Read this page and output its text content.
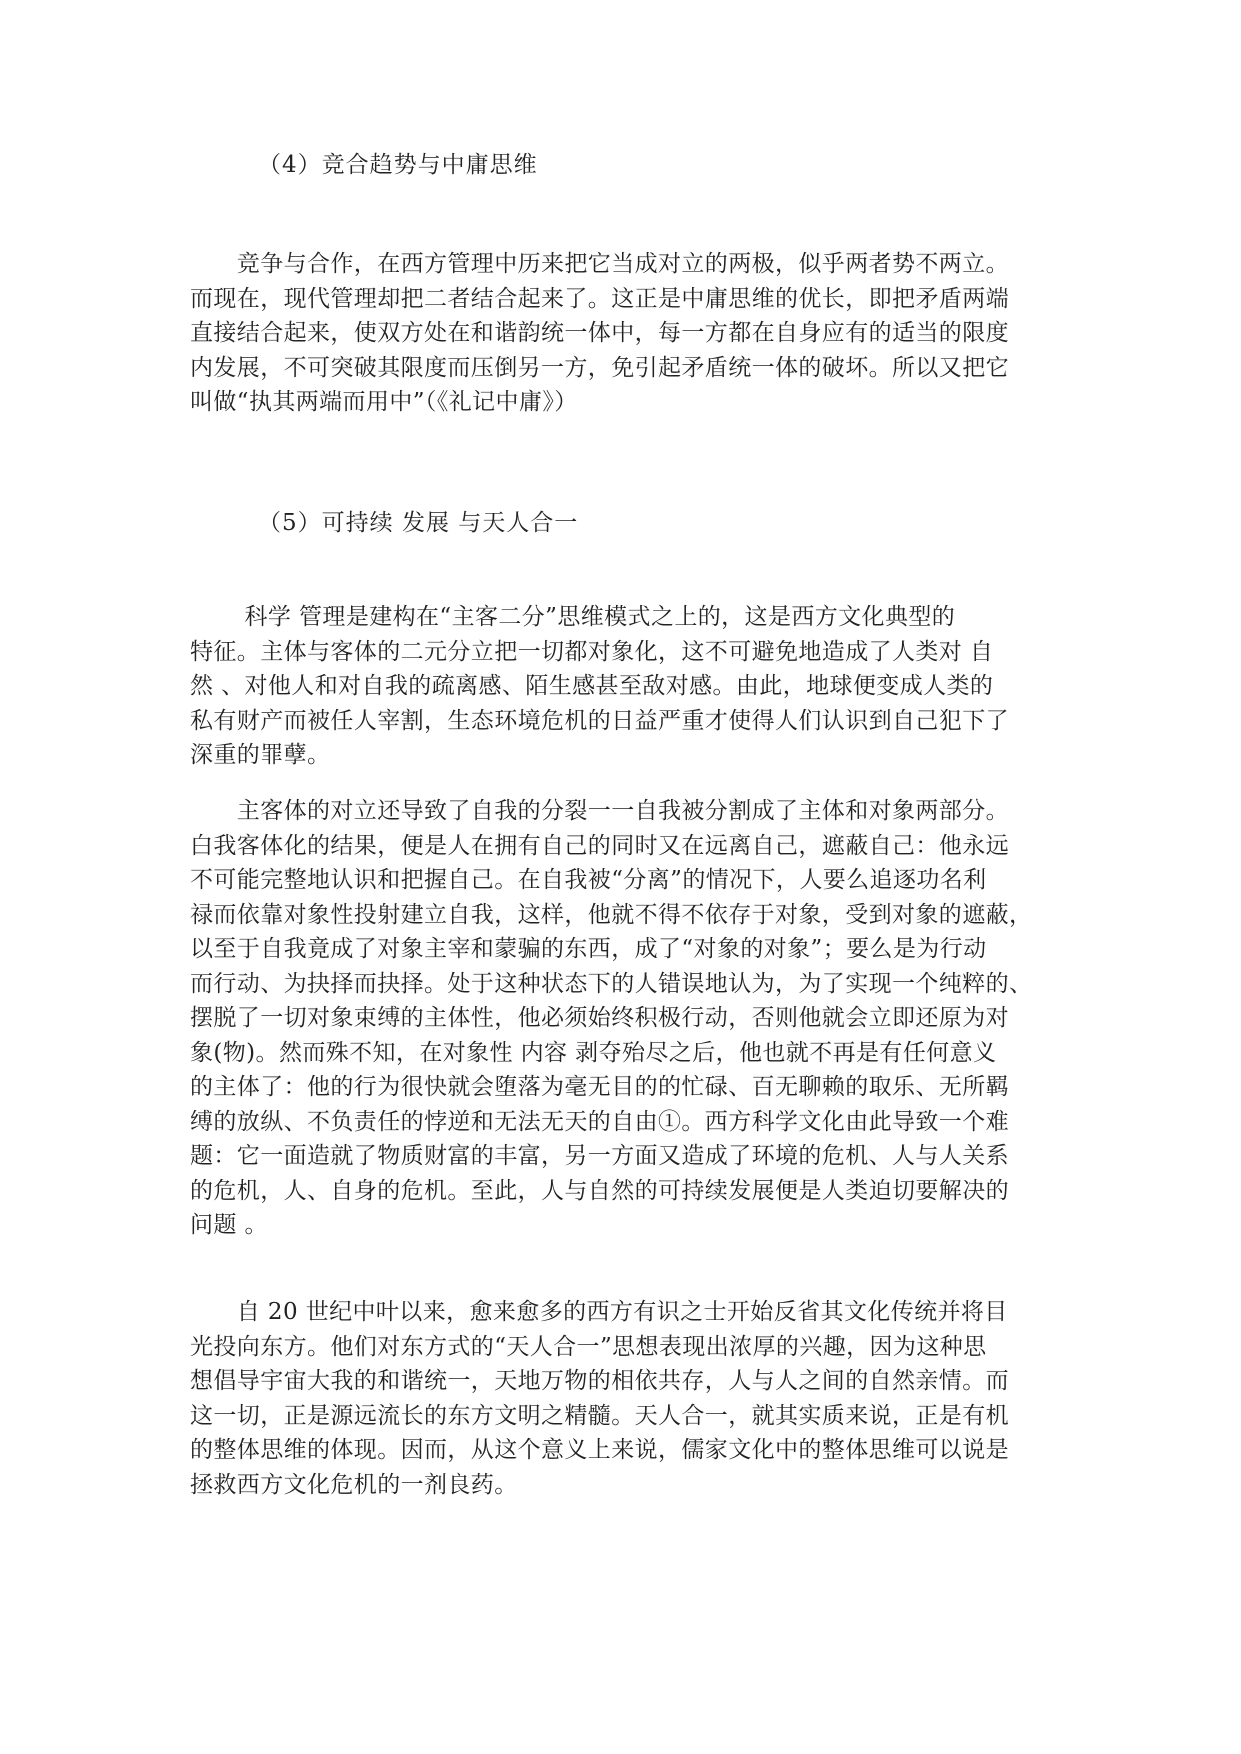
（4）竞合趋势与中庸思维

　　竞争与合作，在西方管理中历来把它当成对立的两极，似乎两者势不两立。
而现在，现代管理却把二者结合起来了。这正是中庸思维的优长，即把矛盾两端
直接结合起来，使双方处在和谐韵统一体中，每一方都在自身应有的适当的限度
内发展，不可突破其限度而压倒另一方，免引起矛盾统一体的破坏。所以又把它
叫做“执其两端而用中”（《礼记中庸》）

（5）可持续 发展 与天人合一

　　 科学 管理是建构在“主客二分”思维模式之上的，这是西方文化典型的
特征。主体与客体的二元分立把一切都对象化，这不可避免地造成了人类对 自
然 、对他人和对自我的疏离感、陌生感甚至敌对感。由此，地球便变成人类的
私有财产而被任人宰割，生态环境危机的日益严重才使得人们认识到自己犯下了
深重的罪孽。

　　主客体的对立还导致了自我的分裂一一自我被分割成了主体和对象两部分。
白我客体化的结果，便是人在拥有自己的同时又在远离自己，遮蔽自己：他永远
不可能完整地认识和把握自己。在自我被“分离”的情况下，人要么追逐功名利
禄而依靠对象性投射建立自我，这样，他就不得不依存于对象，受到对象的遮蔽，
以至于自我竟成了对象主宰和蒙骗的东西，成了“对象的对象”；要么是为行动
而行动、为抉择而抉择。处于这种状态下的人错误地认为，为了实现一个纯粹的、
摆脱了一切对象束缚的主体性，他必须始终积极行动，否则他就会立即还原为对
象(物)。然而殊不知，在对象性 内容 剥夺殆尽之后，他也就不再是有任何意义
的主体了：他的行为很快就会堕落为毫无目的的忙碌、百无聊赖的取乐、无所羁
缚的放纵、不负责任的悖逆和无法无天的自由①。西方科学文化由此导致一个难
题：它一面造就了物质财富的丰富，另一方面又造成了环境的危机、人与人关系
的危机，人、自身的危机。至此，人与自然的可持续发展便是人类迫切要解决的
问题 。

　　自 20 世纪中叶以来，愈来愈多的西方有识之士开始反省其文化传统并将目
光投向东方。他们对东方式的“天人合一”思想表现出浓厚的兴趣，因为这种思
想倡导宇宙大我的和谐统一，天地万物的相依共存，人与人之间的自然亲情。而
这一切，正是源远流长的东方文明之精髓。天人合一，就其实质来说，正是有机
的整体思维的体现。因而，从这个意义上来说，儒家文化中的整体思维可以说是
拯救西方文化危机的一剂良药。
